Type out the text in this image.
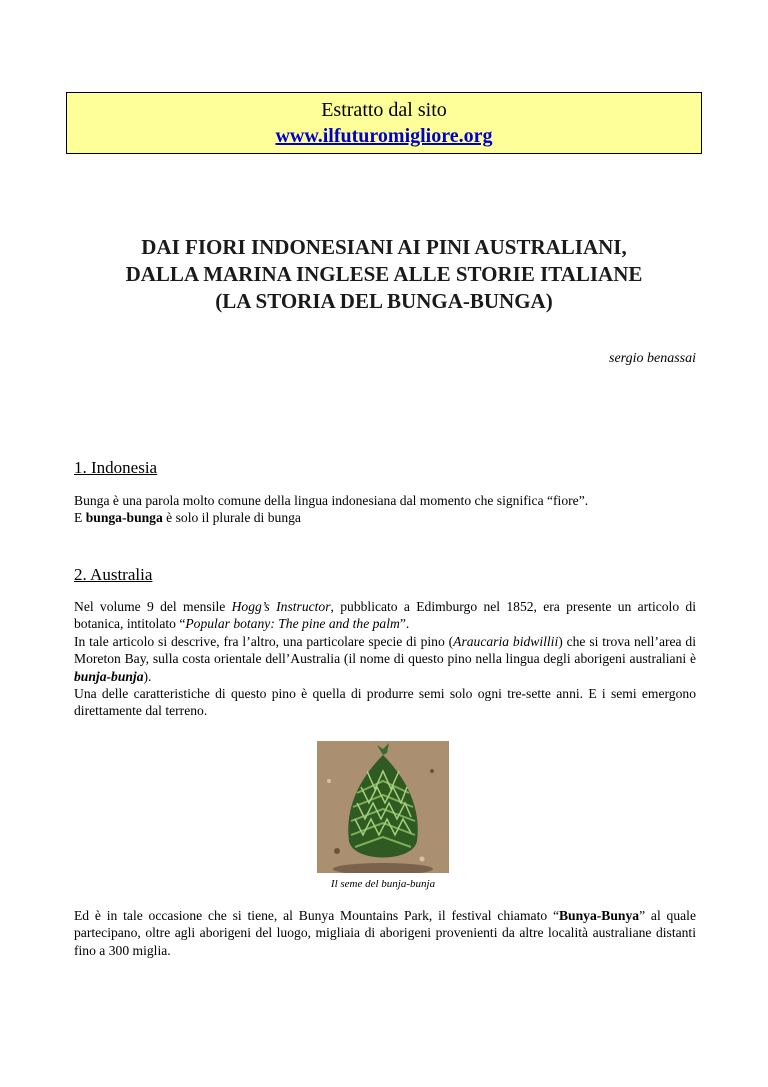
Estratto dal sito
www.ilfuturomigliore.org
DAI FIORI INDONESIANI AI PINI AUSTRALIANI,
DALLA MARINA INGLESE ALLE STORIE ITALIANE
(LA STORIA DEL BUNGA-BUNGA)
sergio benassai
1. Indonesia

Bunga è una parola molto comune della lingua indonesiana dal momento che significa “fiore”.

E bunga-bunga è solo il plurale di bunga

2. Australia

Nel volume 9 del mensile Hogg’s Instructor, pubblicato a Edimburgo nel 1852, era presente un articolo di botanica, intitolato “Popular botany: The pine and the palm”.

In tale articolo si descrive, fra l’altro, una particolare specie di pino (Araucaria bidwillii) che si trova nell’area di Moreton Bay, sulla costa orientale dell’Australia (il nome di questo pino nella lingua degli aborigeni australiani è bunja-bunja).

Una delle caratteristiche di questo pino è quella di produrre semi solo ogni tre-sette anni. E i semi emergono direttamente dal terreno.

Il seme del bunja-bunja

Ed è in tale occasione che si tiene, al Bunya Mountains Park, il festival chiamato “Bunya-Bunya” al quale partecipano, oltre agli aborigeni del luogo, migliaia di aborigeni provenienti da altre località australiane distanti fino a 300 miglia.
